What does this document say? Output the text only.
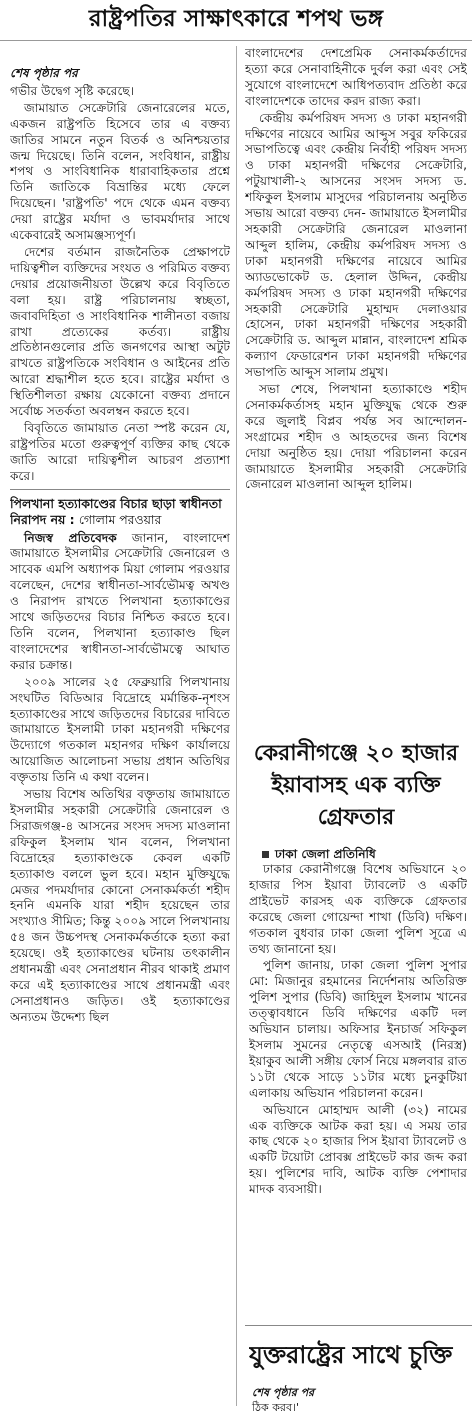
রাষ্ট্রপতির সাক্ষাৎকারে শপথ ভঙ্গ
শেষ পৃষ্ঠার পর

গভীর উদ্বেগ সৃষ্টি করেছে।

জামায়াত সেক্রেটারি জেনারেলের মতে, একজন রাষ্ট্রপতি হিসেবে তার এ বক্তব্য জাতির সামনে নতুন বিতর্ক ও অনিশ্চয়তার জন্ম দিয়েছে। তিনি বলেন, সংবিধান, রাষ্ট্রীয় শপথ ও সাংবিধানিক ধারাবাহিকতার প্রশ্নে তিনি জাতিকে বিভ্রান্তির মধ্যে ফেলে দিয়েছেন। 'রাষ্ট্রপতি' পদে থেকে এমন বক্তব্য দেয়া রাষ্ট্রের মর্যাদা ও ভাবমর্যাদার সাথে একেবারেই অসামঞ্জস্যপূর্ণ।

দেশের বর্তমান রাজনৈতিক প্রেক্ষাপটে দায়িত্বশীল ব্যক্তিদের সংযত ও পরিমিত বক্তব্য দেয়ার প্রয়োজনীয়তা উল্লেখ করে বিবৃতিতে বলা হয়। রাষ্ট্র পরিচালনায় স্বচ্ছতা, জবাবদিহিতা ও সাংবিধানিক শালীনতা বজায় রাখা প্রত্যেকের কর্তব্য। রাষ্ট্রীয় প্রতিষ্ঠানগুলোর প্রতি জনগণের আস্থা অটুট রাখতে রাষ্ট্রপতিকে সংবিধান ও আইনের প্রতি আরো শ্রদ্ধাশীল হতে হবে। রাষ্ট্রের মর্যাদা ও স্থিতিশীলতা রক্ষায় যেকোনো বক্তব্য প্রদানে সর্বোচ্চ সতর্কতা অবলম্বন করতে হবে।

বিবৃতিতে জামায়াত নেতা স্পষ্ট করেন যে, রাষ্ট্রপতির মতো গুরুত্বপূর্ণ ব্যক্তির কাছ থেকে জাতি আরো দায়িত্বশীল আচরণ প্রত্যাশা করে।

পিলখানা হত্যাকাণ্ডের বিচার ছাড়া স্বাধীনতা নিরাপদ নয় : গোলাম পরওয়ার

নিজস্ব প্রতিবেদক জানান, বাংলাদেশ জামায়াতে ইসলামীর সেক্রেটারি জেনারেল ও সাবেক এমপি অধ্যাপক মিয়া গোলাম পরওয়ার বলেছেন, দেশের স্বাধীনতা-সার্বভৌমত্ব অখণ্ড ও নিরাপদ রাখতে পিলখানা হত্যাকাণ্ডের সাথে জড়িতদের বিচার নিশ্চিত করতে হবে। তিনি বলেন, পিলখানা হত্যাকাণ্ড ছিল বাংলাদেশের স্বাধীনতা-সার্বভৌমত্বে আঘাত করার চক্রান্ত।

২০০৯ সালের ২৫ ফেব্রুয়ারি পিলখানায় সংঘটিত বিডিআর বিদ্রোহে মর্মান্তিক-নৃশংস হত্যাকাণ্ডের সাথে জড়িতদের বিচারের দাবিতে জামায়াতে ইসলামী ঢাকা মহানগরী দক্ষিণের উদ্যোগে গতকাল মহানগর দক্ষিণ কার্যালয়ে আয়োজিত আলোচনা সভায় প্রধান অতিথির বক্তৃতায় তিনি এ কথা বলেন।

সভায় বিশেষ অতিথির বক্তৃতায় জামায়াতে ইসলামীর সহকারী সেক্রেটারি জেনারেল ও সিরাজগঞ্জ-৪ আসনের সংসদ সদস্য মাওলানা রফিকুল ইসলাম খান বলেন, পিলখানা বিদ্রোহের হত্যাকাণ্ডকে কেবল একটি হত্যাকাণ্ড বললে ভুল হবে। মহান মুক্তিযুদ্ধে মেজর পদমর্যাদার কোনো সেনাকর্মকর্তা শহীদ হননি এমনকি যারা শহীদ হয়েছেন তার সংখ্যাও সীমিত; কিন্তু ২০০৯ সালে পিলখানায় ৫৪ জন উচ্চপদস্থ সেনাকর্মকর্তাকে হত্যা করা হয়েছে। ওই হত্যাকাণ্ডের ঘটনায় তৎকালীন প্রধানমন্ত্রী এবং সেনাপ্রধান নীরব থাকাই প্রমাণ করে এই হত্যাকাণ্ডের সাথে প্রধানমন্ত্রী এবং সেনাপ্রধানও জড়িত। ওই হত্যাকাণ্ডের অন্যতম উদ্দেশ্য ছিল

বাংলাদেশের দেশপ্রেমিক সেনাকর্মকর্তাদের হত্যা করে সেনাবাহিনীকে দুর্বল করা এবং সেই সুযোগে বাংলাদেশে আধিপত্যবাদ প্রতিষ্ঠা করে বাংলাদেশকে তাদের করদ রাজ্য করা।

কেন্দ্রীয় কর্মপরিষদ সদস্য ও ঢাকা মহানগরী দক্ষিণের নায়েবে আমির আব্দুস সবুর ফকিরের সভাপতিত্বে এবং কেন্দ্রীয় নির্বাহী পরিষদ সদস্য ও ঢাকা মহানগরী দক্ষিণের সেক্রেটারি, পটুয়াখালী-২ আসনের সংসদ সদস্য ড. শফিকুল ইসলাম মাসুদের পরিচালনায় অনুষ্ঠিত সভায় আরো বক্তব্য দেন- জামায়াতে ইসলামীর সহকারী সেক্রেটারি জেনারেল মাওলানা আব্দুল হালিম, কেন্দ্রীয় কর্মপরিষদ সদস্য ও ঢাকা মহানগরী দক্ষিণের নায়েবে আমির অ্যাডভোকেট ড. হেলাল উদ্দিন, কেন্দ্রীয় কর্মপরিষদ সদস্য ও ঢাকা মহানগরী দক্ষিণের সহকারী সেক্রেটারি মুহাম্মদ দেলাওয়ার হোসেন, ঢাকা মহানগরী দক্ষিণের সহকারী সেক্রেটারি ড. আব্দুল মান্নান, বাংলাদেশ শ্রমিক কল্যাণ ফেডারেশন ঢাকা মহানগরী দক্ষিণের সভাপতি আব্দুস সালাম প্রমুখ।

সভা শেষে, পিলখানা হত্যাকাণ্ডে শহীদ সেনাকর্মকর্তাসহ মহান মুক্তিযুদ্ধ থেকে শুরু করে জুলাই বিপ্লব পর্যন্ত সব আন্দোলন-সংগ্রামের শহীদ ও আহতদের জন্য বিশেষ দোয়া অনুষ্ঠিত হয়। দোয়া পরিচালনা করেন জামায়াতে ইসলামীর সহকারী সেক্রেটারি জেনারেল মাওলানা আব্দুল হালিম।

কেরানীগঞ্জে ২০ হাজার ইয়াবাসহ এক ব্যক্তি গ্রেফতার
ঢাকা জেলা প্রতিনিধি

ঢাকার কেরানীগঞ্জে বিশেষ অভিযানে ২০ হাজার পিস ইয়াবা ট্যাবলেট ও একটি প্রাইভেট কারসহ এক ব্যক্তিকে গ্রেফতার করেছে জেলা গোয়েন্দা শাখা (ডিবি) দক্ষিণ। গতকাল বুধবার ঢাকা জেলা পুলিশ সূত্রে এ তথ্য জানানো হয়।

পুলিশ জানায়, ঢাকা জেলা পুলিশ সুপার মো: মিজানুর রহমানের নির্দেশনায় অতিরিক্ত পুলিশ সুপার (ডিবি) জাহিদুল ইসলাম খানের তত্ত্বাবধানে ডিবি দক্ষিণের একটি দল অভিযান চালায়। অফিসার ইনচার্জ সফিকুল ইসলাম সুমনের নেতৃত্বে এসআই (নিরস্ত্র) ইয়াকুব আলী সঙ্গীয় ফোর্স নিয়ে মঙ্গলবার রাত ১১টা থেকে সাড়ে ১১টার মধ্যে চুনকুটিয়া এলাকায় অভিযান পরিচালনা করেন।

অভিযানে মোহাম্মদ আলী (৩২) নামের এক ব্যক্তিকে আটক করা হয়। এ সময় তার কাছ থেকে ২০ হাজার পিস ইয়াবা ট্যাবলেট ও একটি টয়োটা প্রোবক্স প্রাইভেট কার জব্দ করা হয়। পুলিশের দাবি, আটক ব্যক্তি পেশাদার মাদক ব্যবসায়ী।

যুক্তরাষ্ট্রের সাথে চুক্তি
শেষ পৃষ্ঠার পর
ঠিক করব।'
